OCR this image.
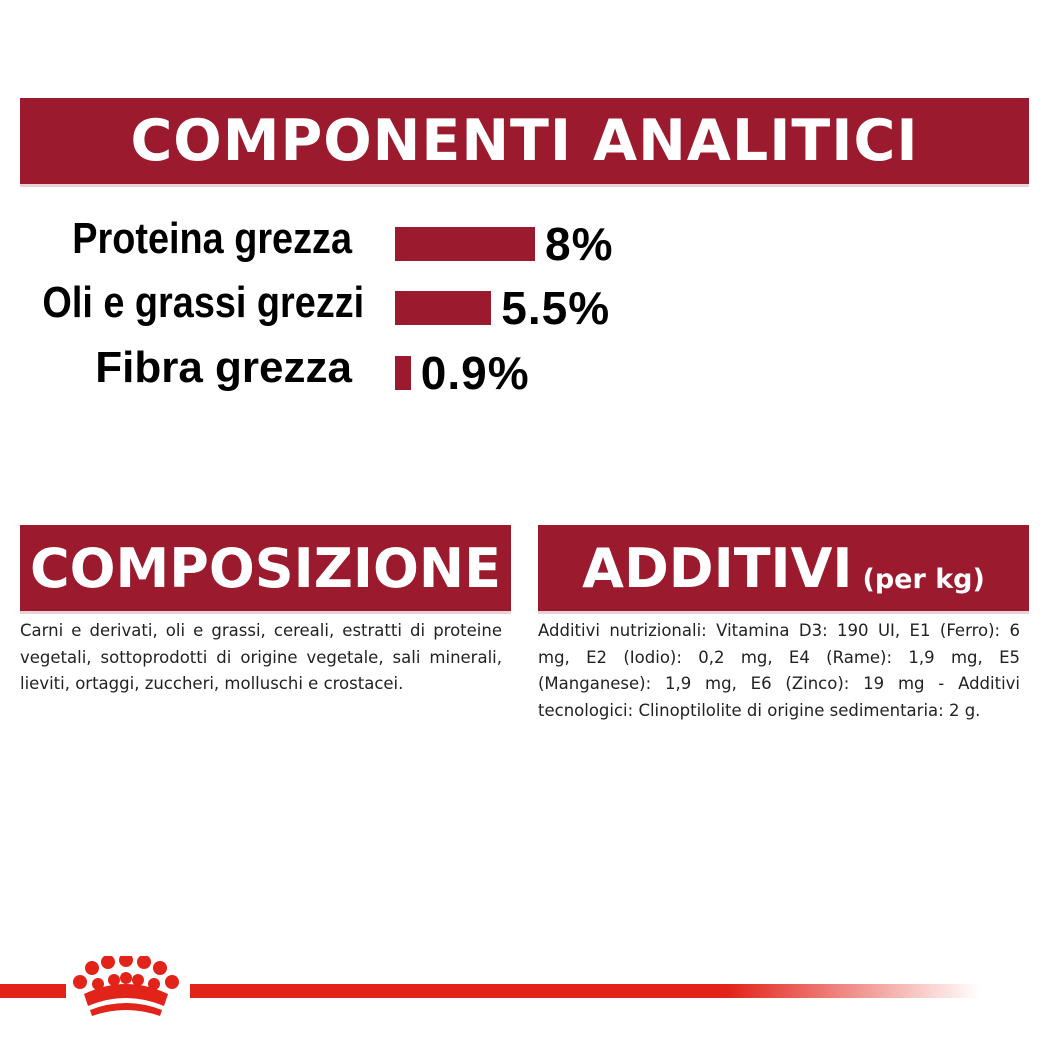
COMPONENTI ANALITICI
Proteina grezza	8%
Oli e grassi grezzi	5.5%
Fibra grezza 0.9%
COMPOSIZIONE
Carni e derivati, oli e grassi, cereali, estratti di proteine vegetali, sottoprodotti di origine vegetale, sali minerali, lieviti, ortaggi, zuccheri, molluschi e crostacei.
ADDITIVI (per kg)
Additivi nutrizionali: Vitamina D3: 190 UI, E1 (Ferro): 6 mg, E2 (Iodio): 0,2 mg, E4 (Rame): 1,9 mg, E5 (Manganese): 1,9 mg, E6 (Zinco): 19 mg - Additivi tecnologici: Clinoptilolite di origine sedimentaria: 2 g.
